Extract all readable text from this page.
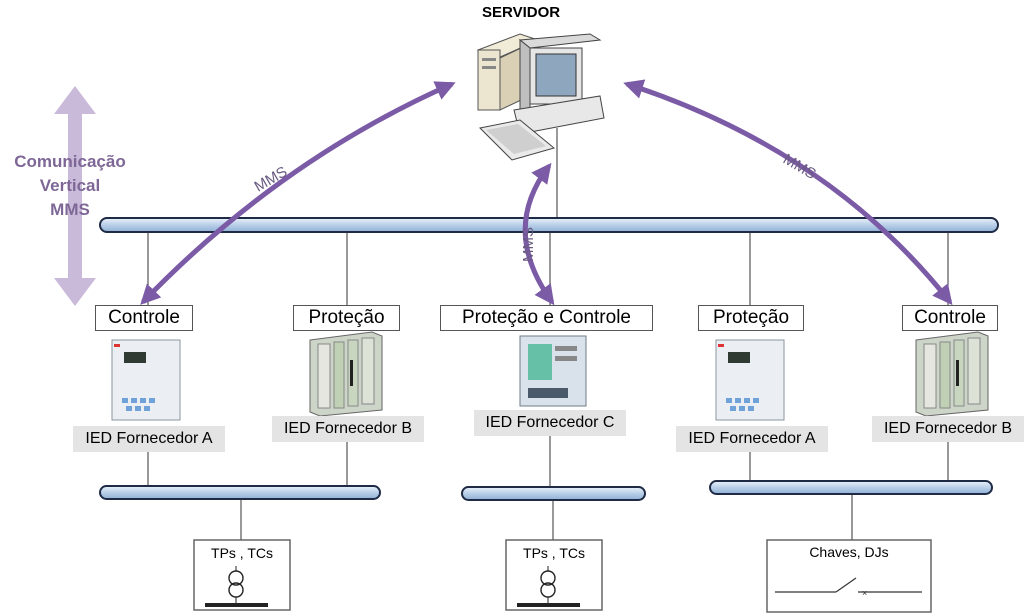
×
MMS
MMS
MMS
SERVIDOR
Comunicação
Vertical
MMS
Controle	Proteção	Proteção e Controle	Proteção	Controle
IED Fornecedor A
IED Fornecedor B	IED Fornecedor C
IED Fornecedor A
IED Fornecedor B
TPs , TCs	TPs , TCs	Chaves, DJs
